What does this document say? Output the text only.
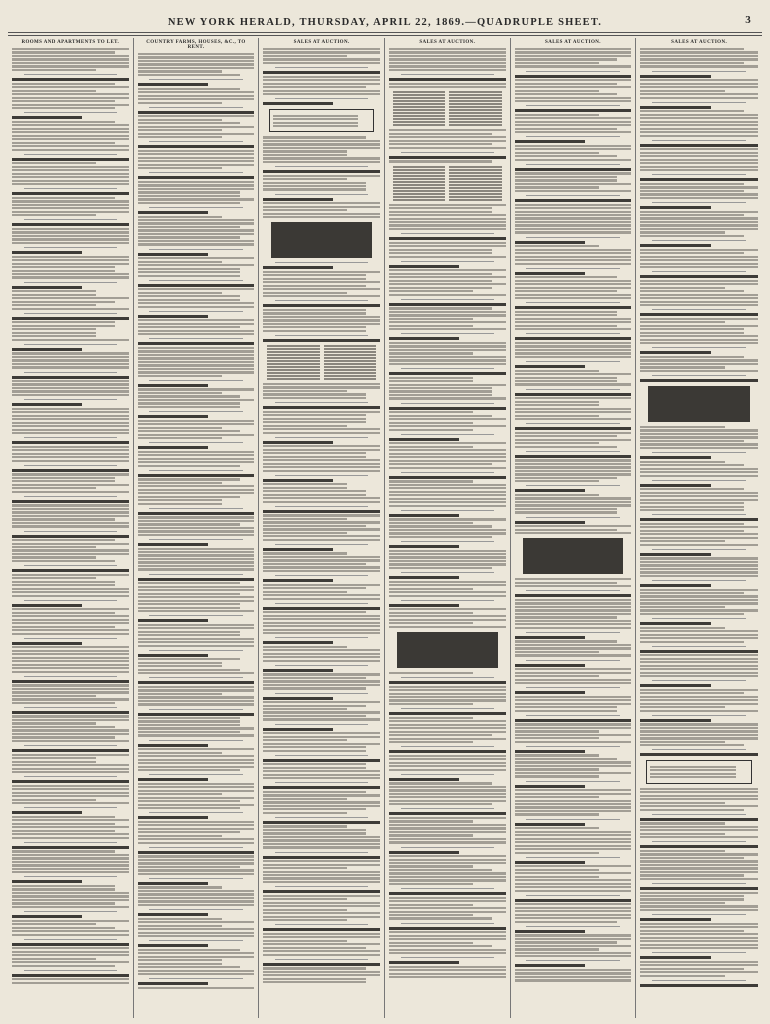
NEW YORK HERALD, THURSDAY, APRIL 22, 1869.—QUADRUPLE SHEET.	3
ROOMS AND APARTMENTS TO LET.	COUNTRY FARMS, HOUSES, &C., TO RENT.
SALES AT AUCTION.	SALES AT AUCTION.	SALES AT AUCTION.	SALES AT AUCTION.
